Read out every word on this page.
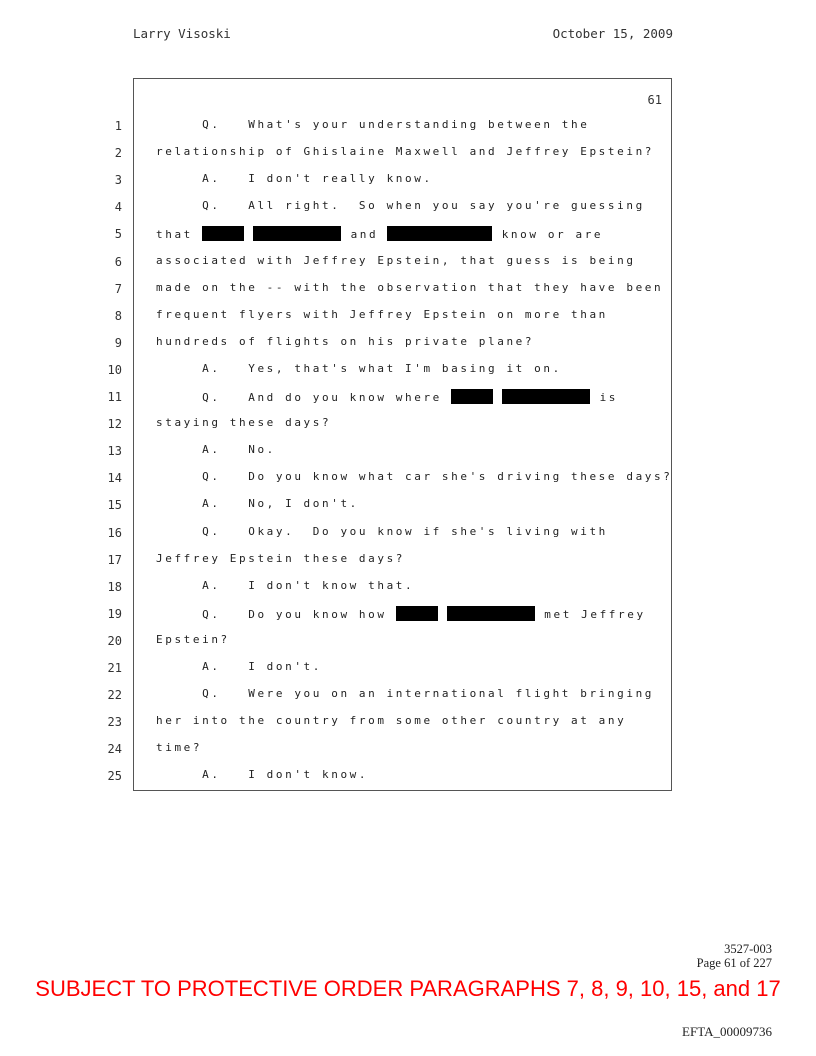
Larry Visoski	October 15, 2009
61
1	Q.   What's your understanding between the
2	relationship of Ghislaine Maxwell and Jeffrey Epstein?
3	A.   I don't really know.
4	Q.   All right.  So when you say you're guessing
5	that	and	know or are
6	associated with Jeffrey Epstein, that guess is being
7	made on the -- with the observation that they have been
8	frequent flyers with Jeffrey Epstein on more than
9	hundreds of flights on his private plane?
10	A.   Yes, that's what I'm basing it on.
11	Q.   And do you know where	is
12	staying these days?
13	A.   No.
14	Q.   Do you know what car she's driving these days?
15	A.   No, I don't.
16	Q.   Okay.  Do you know if she's living with
17	Jeffrey Epstein these days?
18	A.   I don't know that.
19	Q.   Do you know how	met Jeffrey
20	Epstein?
21	A.   I don't.
22	Q.   Were you on an international flight bringing
23	her into the country from some other country at any
24	time?
25	A.   I don't know.
3527-003
Page 61 of 227
SUBJECT TO PROTECTIVE ORDER PARAGRAPHS 7, 8, 9, 10, 15, and 17
EFTA_00009736
